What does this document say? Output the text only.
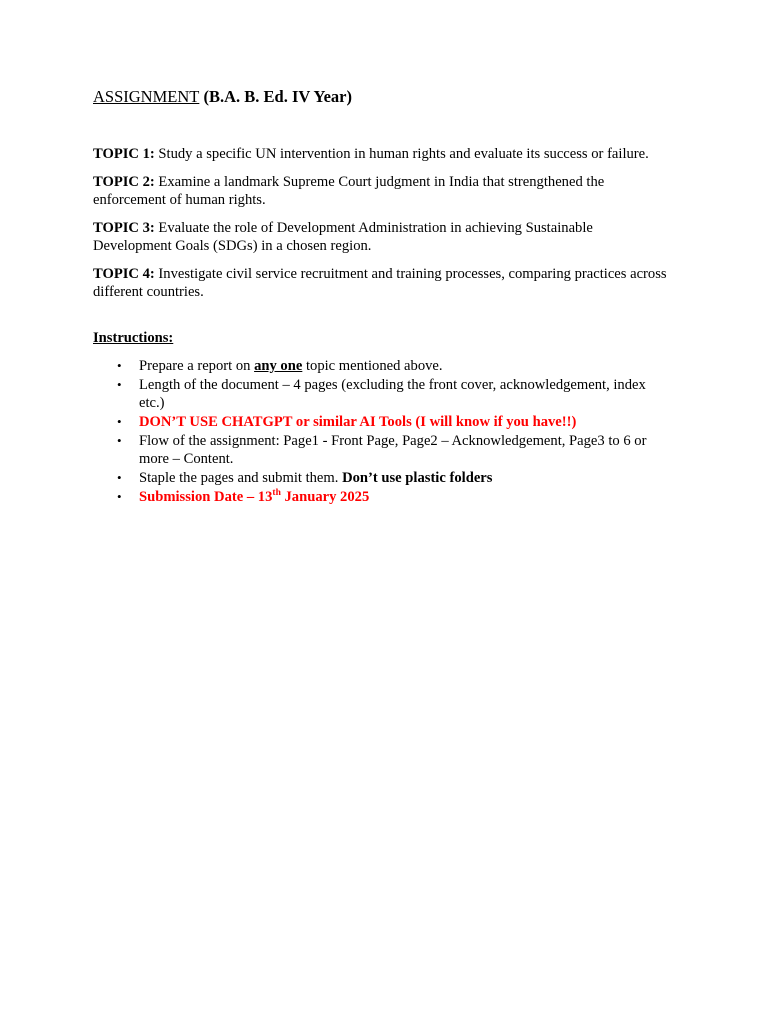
ASSIGNMENT (B.A. B. Ed. IV Year)

TOPIC 1: Study a specific UN intervention in human rights and evaluate its success or failure.

TOPIC 2: Examine a landmark Supreme Court judgment in India that strengthened the enforcement of human rights.

TOPIC 3: Evaluate the role of Development Administration in achieving Sustainable Development Goals (SDGs) in a chosen region.

TOPIC 4: Investigate civil service recruitment and training processes, comparing practices across different countries.

Instructions:
• Prepare a report on any one topic mentioned above.
• Length of the document – 4 pages (excluding the front cover, acknowledgement, index etc.)
• DON’T USE CHATGPT or similar AI Tools (I will know if you have!!)
• Flow of the assignment: Page1 - Front Page, Page2 – Acknowledgement, Page3 to 6 or more – Content.
• Staple the pages and submit them. Don’t use plastic folders
• Submission Date – 13th January 2025
